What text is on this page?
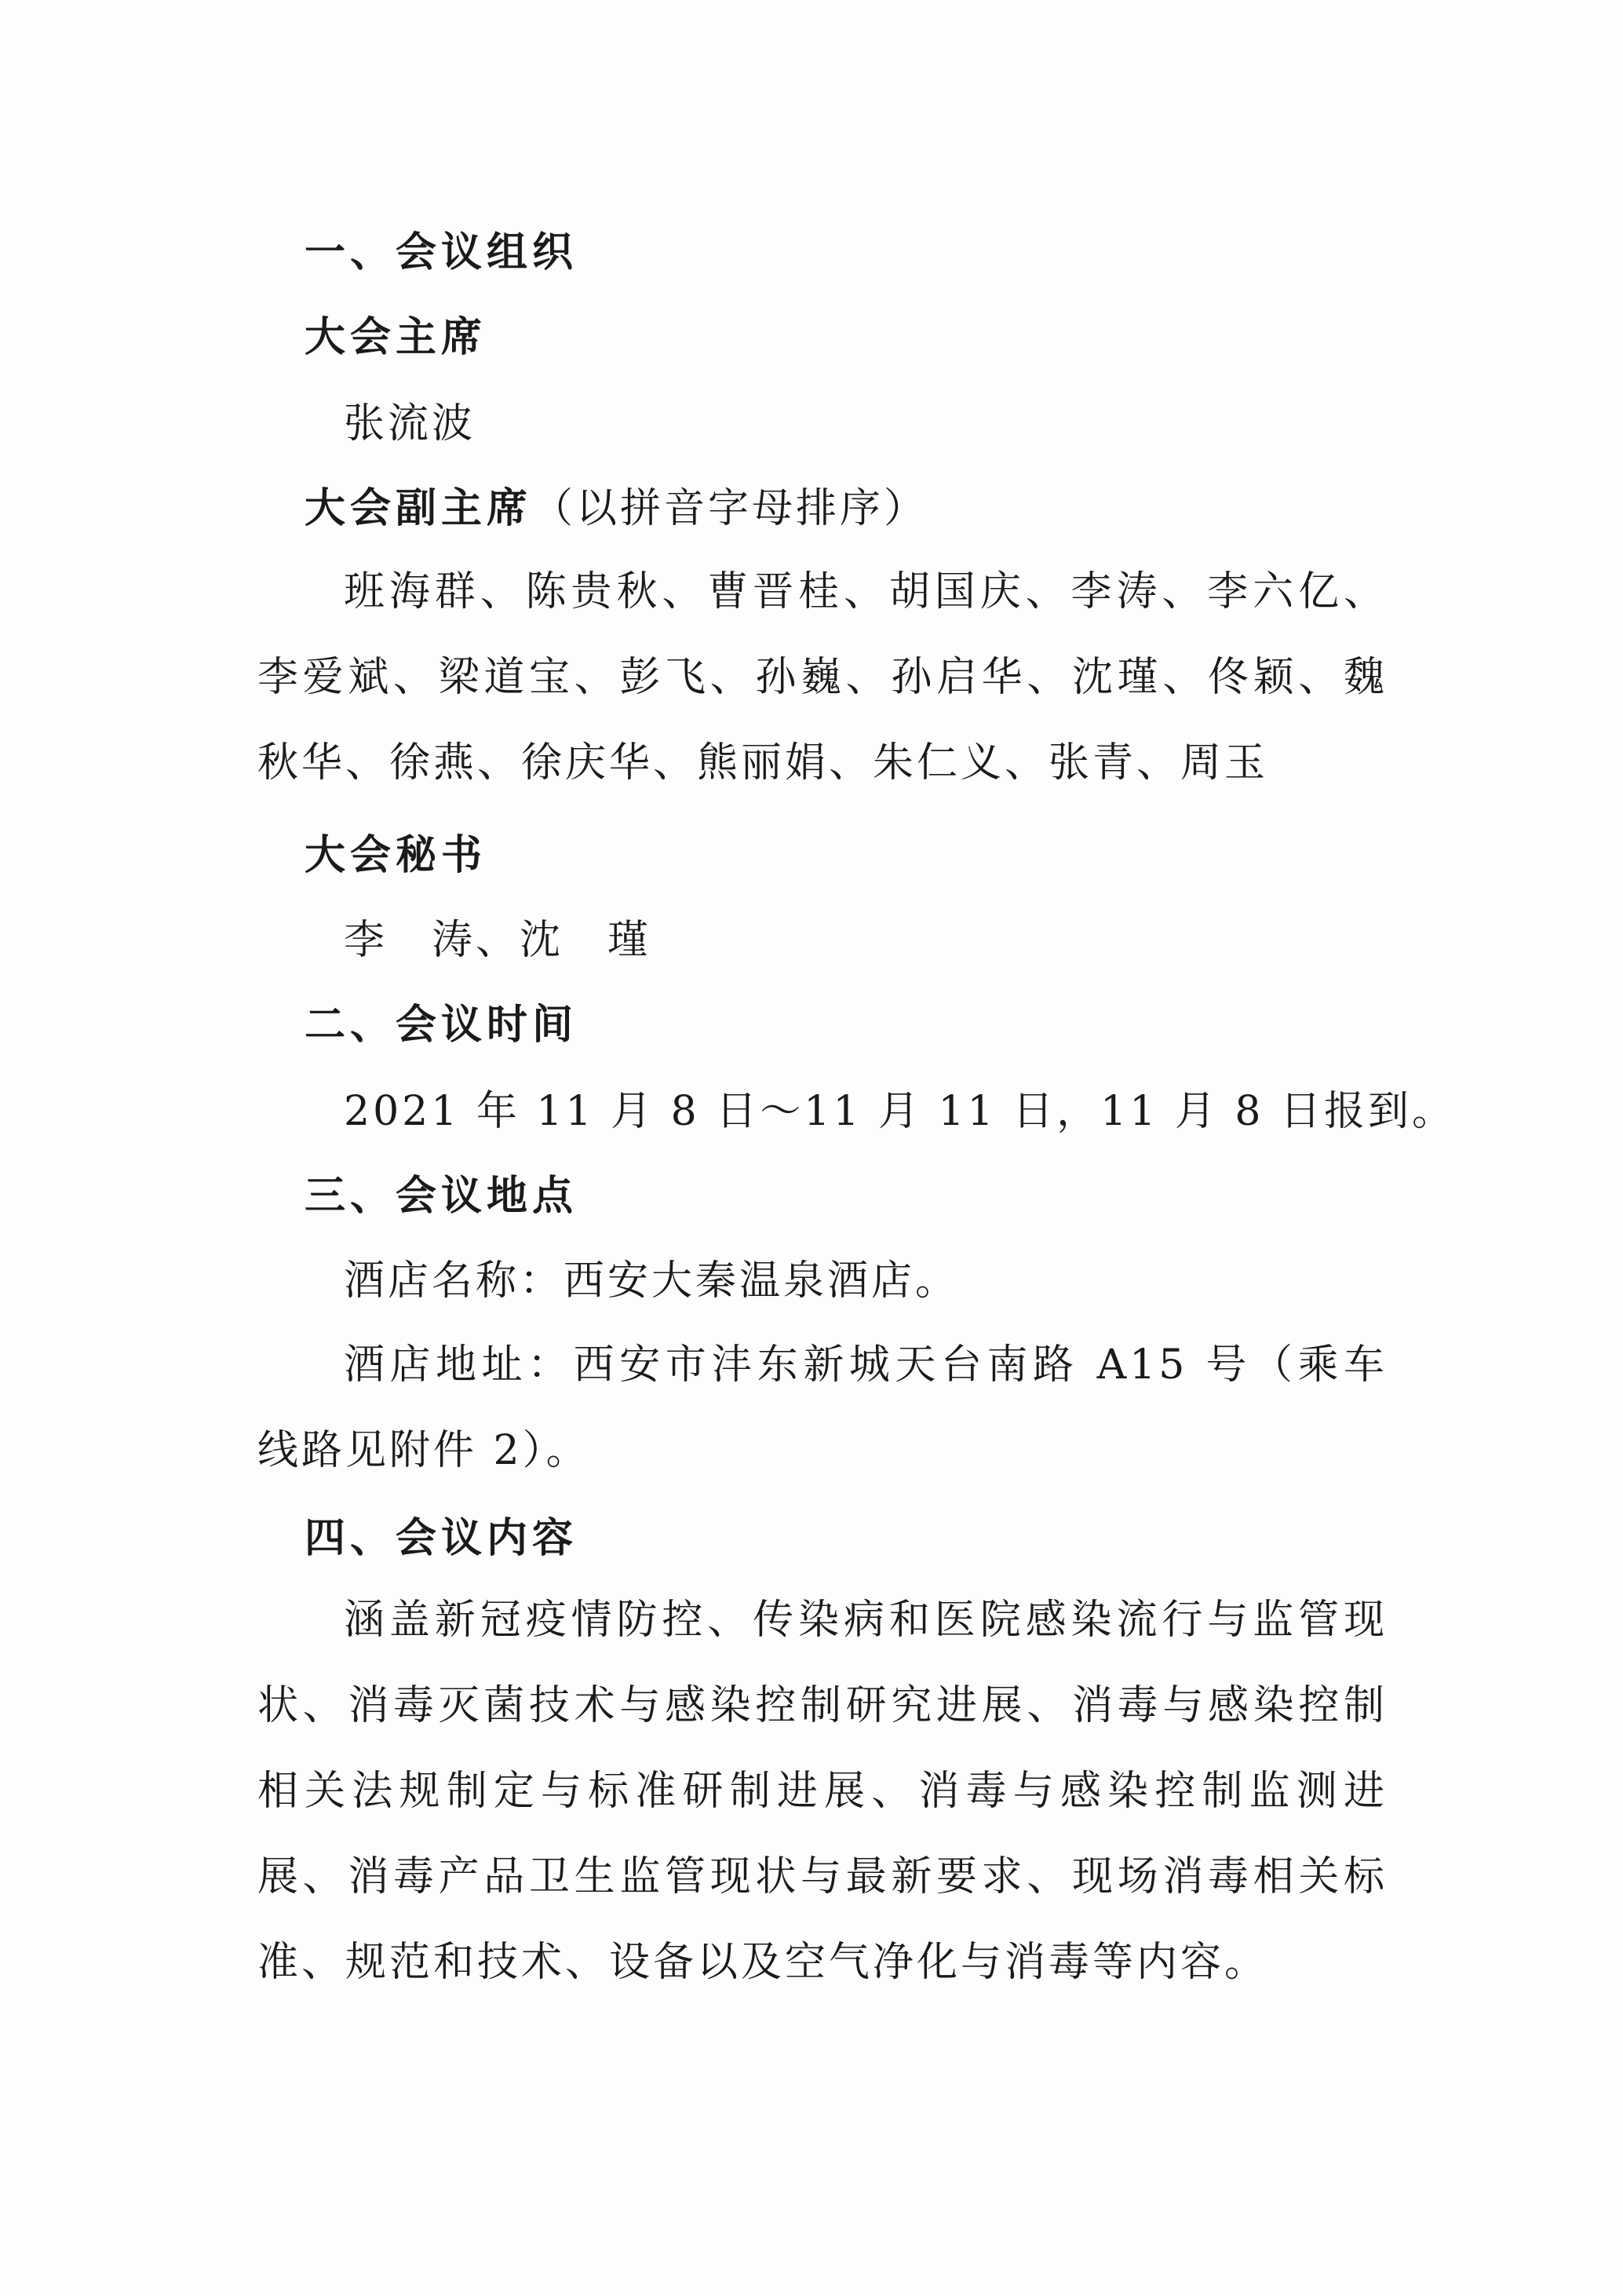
一、会议组织
大会主席
张流波
大会副主席（以拼音字母排序）
班海群、陈贵秋、曹晋桂、胡国庆、李涛、李六亿、李爱斌、梁道宝、彭飞、孙巍、孙启华、沈瑾、佟颖、魏秋华、徐燕、徐庆华、熊丽娟、朱仁义、张青、周玉
大会秘书
李　涛、沈　瑾
二、会议时间
2021 年 11 月 8 日～11 月 11 日，11 月 8 日报到。
三、会议地点
酒店名称：西安大秦温泉酒店。
酒店地址：西安市沣东新城天台南路 A15 号（乘车线路见附件 2）。
四、会议内容
涵盖新冠疫情防控、传染病和医院感染流行与监管现状、消毒灭菌技术与感染控制研究进展、消毒与感染控制相关法规制定与标准研制进展、消毒与感染控制监测进展、消毒产品卫生监管现状与最新要求、现场消毒相关标准、规范和技术、设备以及空气净化与消毒等内容。
